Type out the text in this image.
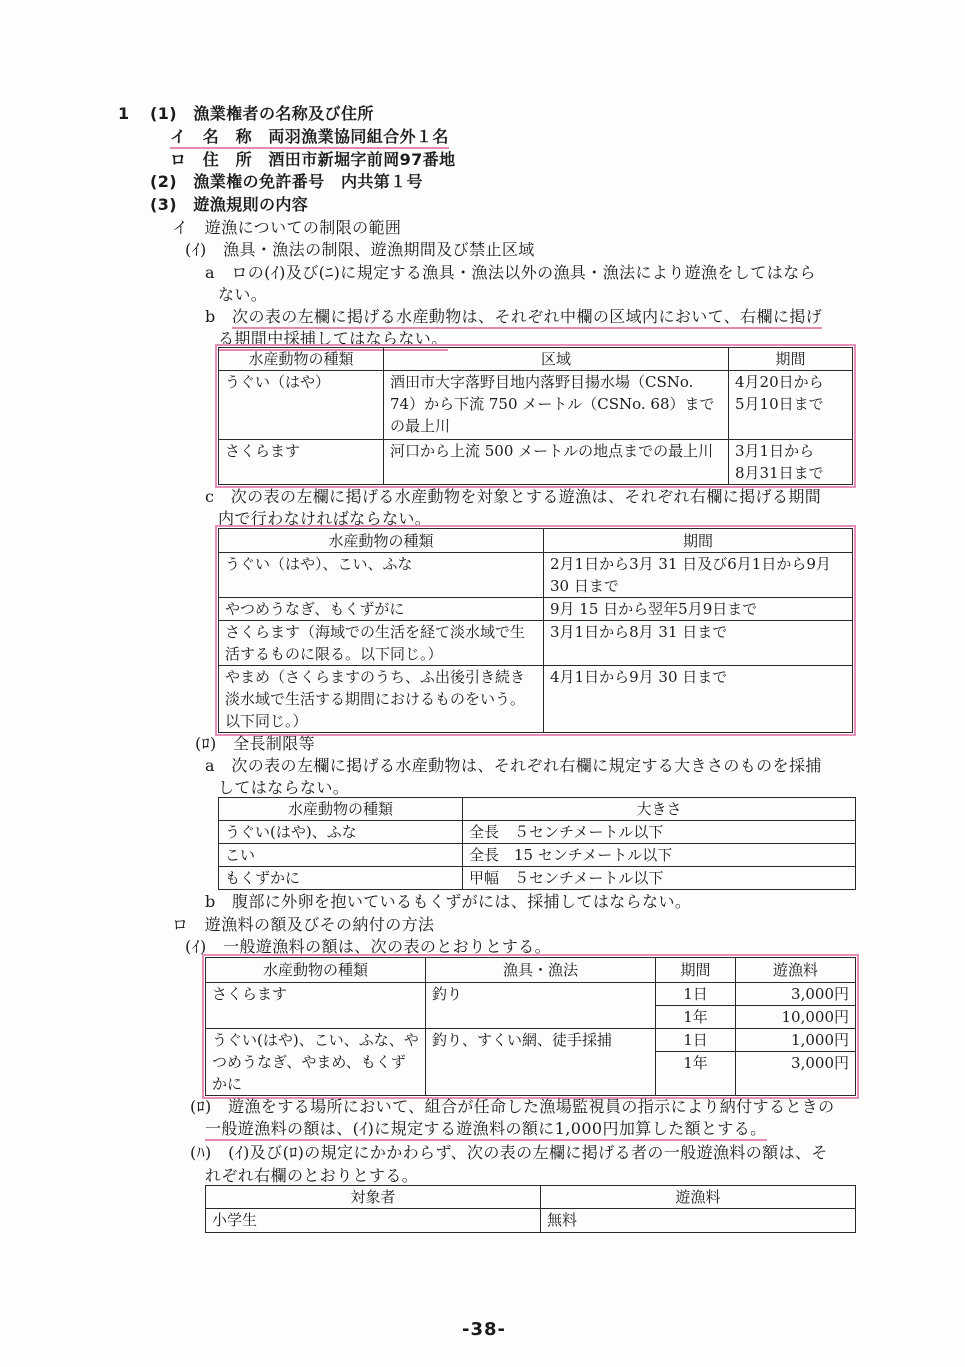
1 (1)　漁業権者の名称及び住所
イ　名　称　両羽漁業協同組合外１名
ロ　住　所　酒田市新堀字前岡97番地
(2)　漁業権の免許番号　内共第１号
(3)　遊漁規則の内容
イ　遊漁についての制限の範囲
(ｲ)　漁具・漁法の制限、遊漁期間及び禁止区域
a　ロの(ｲ)及び(ﾆ)に規定する漁具・漁法以外の漁具・漁法により遊漁をしてはなら
ない。
b　次の表の左欄に掲げる水産動物は、それぞれ中欄の区域内において、右欄に掲げ
る期間中採捕してはならない。
水産動物の種類	区域	期間
うぐい（はや）	酒田市大字落野目地内落野目揚水場（CSNo. 74）から下流 750 メートル（CSNo. 68）までの最上川	4月20日から
5月10日まで

さくらます	河口から上流 500 メートルの地点までの最上川	3月1日から
8月31日まで
c　次の表の左欄に掲げる水産動物を対象とする遊漁は、それぞれ右欄に掲げる期間
内で行わなければならない。
水産動物の種類	期間
うぐい（はや）、こい、ふな	2月1日から3月 31 日及び6月1日から9月 30 日まで
やつめうなぎ、もくずがに	9月 15 日から翌年5月9日まで
さくらます（海域での生活を経て淡水域で生活するものに限る。以下同じ。）	3月1日から8月 31 日まで
やまめ（さくらますのうち、ふ出後引き続き淡水域で生活する期間におけるものをいう。以下同じ。）	4月1日から9月 30 日まで
(ﾛ)　全長制限等
a　次の表の左欄に掲げる水産動物は、それぞれ右欄に規定する大きさのものを採捕
してはならない。
水産動物の種類	大きさ
うぐい(はや)、ふな	全長　５センチメートル以下
こい	全長　15 センチメートル以下
もくずかに	甲幅　５センチメートル以下
b　腹部に外卵を抱いているもくずがには、採捕してはならない。
ロ　遊漁料の額及びその納付の方法
(ｲ)　一般遊漁料の額は、次の表のとおりとする。
水産動物の種類	漁具・漁法	期間	遊漁料
さくらます	釣り	1日	3,000円
		1年	10,000円
うぐい(はや)、こい、ふな、やつめうなぎ、やまめ、もくずかに	釣り、すくい網、徒手採捕	1日	1,000円
		1年	3,000円
(ﾛ)　遊漁をする場所において、組合が任命した漁場監視員の指示により納付するときの
一般遊漁料の額は、(ｲ)に規定する遊漁料の額に1,000円加算した額とする。
(ﾊ)　(ｲ)及び(ﾛ)の規定にかかわらず、次の表の左欄に掲げる者の一般遊漁料の額は、そ
れぞれ右欄のとおりとする。
対象者	遊漁料
小学生	無料
-38-
